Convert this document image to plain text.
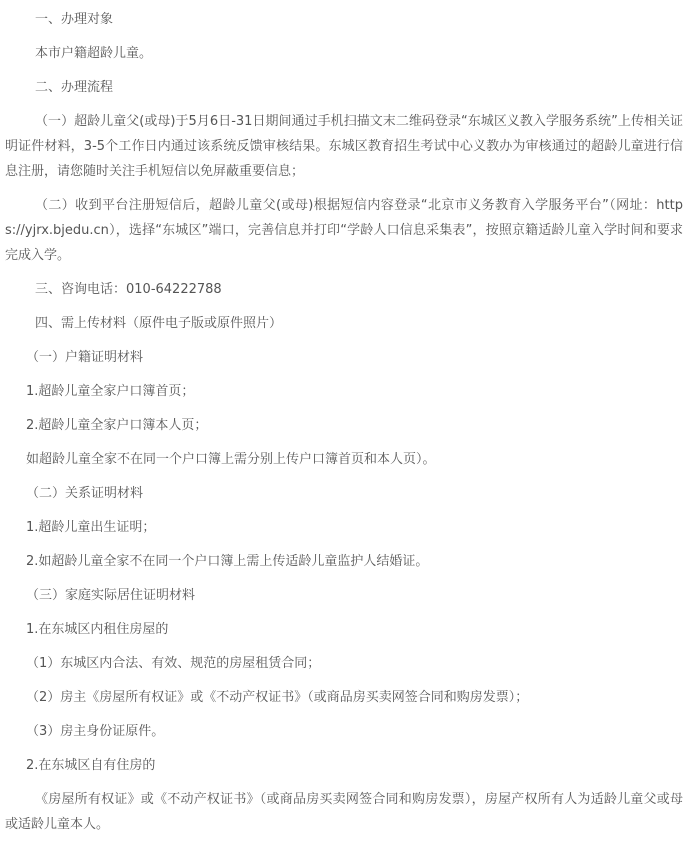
一、办理对象

本市户籍超龄儿童。

二、办理流程

（一）超龄儿童父(或母)于5月6日-31日期间通过手机扫描文末二维码登录“东城区义教入学服务系统”上传相关证明证件材料，3-5个工作日内通过该系统反馈审核结果。东城区教育招生考试中心义教办为审核通过的超龄儿童进行信息注册，请您随时关注手机短信以免屏蔽重要信息；

（二）收到平台注册短信后，超龄儿童父(或母)根据短信内容登录“北京市义务教育入学服务平台”（网址：https://yjrx.bjedu.cn），选择“东城区”端口，完善信息并打印“学龄人口信息采集表”，按照京籍适龄儿童入学时间和要求完成入学。

三、咨询电话：010-64222788

四、需上传材料（原件电子版或原件照片）

（一）户籍证明材料

1.超龄儿童全家户口簿首页；

2.超龄儿童全家户口簿本人页；

如超龄儿童全家不在同一个户口簿上需分别上传户口簿首页和本人页）。

（二）关系证明材料

1.超龄儿童出生证明；

2.如超龄儿童全家不在同一个户口簿上需上传适龄儿童监护人结婚证。

（三）家庭实际居住证明材料

1.在东城区内租住房屋的

（1）东城区内合法、有效、规范的房屋租赁合同；

（2）房主《房屋所有权证》或《不动产权证书》（或商品房买卖网签合同和购房发票）；

（3）房主身份证原件。

2.在东城区自有住房的

《房屋所有权证》或《不动产权证书》（或商品房买卖网签合同和购房发票），房屋产权所有人为适龄儿童父或母或适龄儿童本人。
